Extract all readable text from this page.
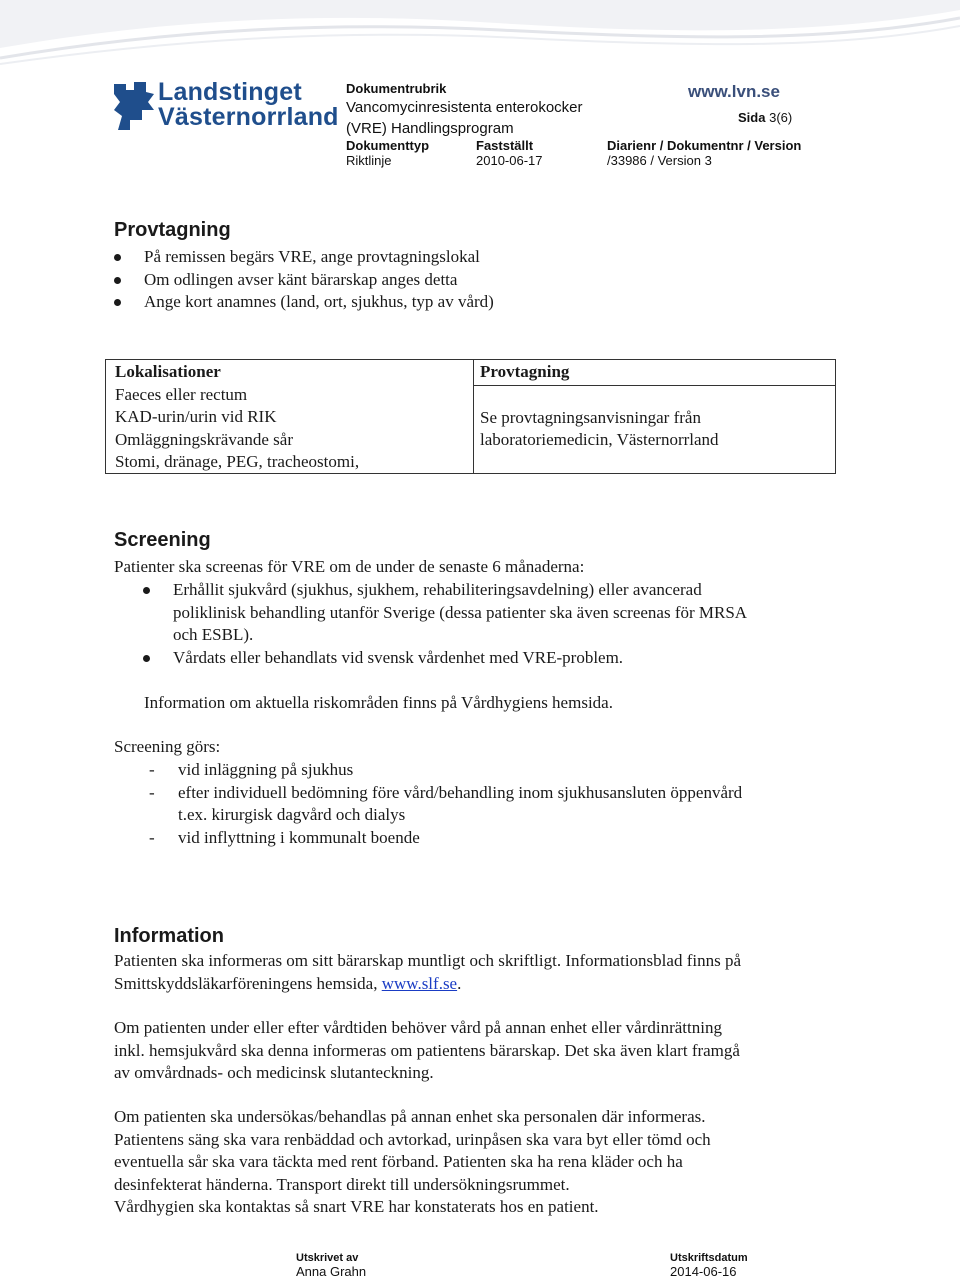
Landstinget
Västernorrland
Dokumentrubrik
Vancomycinresistenta enterokocker
(VRE) Handlingsprogram
www.lvn.se
Sida 3(6)
Dokumenttyp
Riktlinje
Fastställt
2010-06-17
Diarienr / Dokumentnr / Version
/33986 / Version 3
Provtagning
På remissen begärs VRE, ange provtagningslokal
Om odlingen avser känt bärarskap anges detta
Ange kort anamnes (land, ort, sjukhus, typ av vård)
Lokalisationer
Faeces eller rectum
KAD-urin/urin vid RIK
Omläggningskrävande sår
Stomi, dränage, PEG, tracheostomi,
Provtagning
Se provtagningsanvisningar från
laboratoriemedicin, Västernorrland
Screening
Patienter ska screenas för VRE om de under de senaste 6 månaderna:
Erhållit sjukvård (sjukhus, sjukhem, rehabiliteringsavdelning) eller avancerad
poliklinisk behandling utanför Sverige (dessa patienter ska även screenas för MRSA
och ESBL).
Vårdats eller behandlats vid svensk vårdenhet med VRE-problem.
Information om aktuella riskområden finns på Vårdhygiens hemsida.
Screening görs:
- vid inläggning på sjukhus
- efter individuell bedömning före vård/behandling inom sjukhusansluten öppenvård
t.ex. kirurgisk dagvård och dialys
- vid inflyttning i kommunalt boende
Information
Patienten ska informeras om sitt bärarskap muntligt och skriftligt. Informationsblad finns på
Smittskyddsläkarföreningens hemsida, www.slf.se.
Om patienten under eller efter vårdtiden behöver vård på annan enhet eller vårdinrättning
inkl. hemsjukvård ska denna informeras om patientens bärarskap. Det ska även klart framgå
av omvårdnads- och medicinsk slutanteckning.
Om patienten ska undersökas/behandlas på annan enhet ska personalen där informeras.
Patientens säng ska vara renbäddad och avtorkad, urinpåsen ska vara byt eller tömd och
eventuella sår ska vara täckta med rent förband. Patienten ska ha rena kläder och ha
desinfekterat händerna. Transport direkt till undersökningsrummet.
Vårdhygien ska kontaktas så snart VRE har konstaterats hos en patient.
Utskrivet av
Anna Grahn
Utskriftsdatum
2014-06-16
